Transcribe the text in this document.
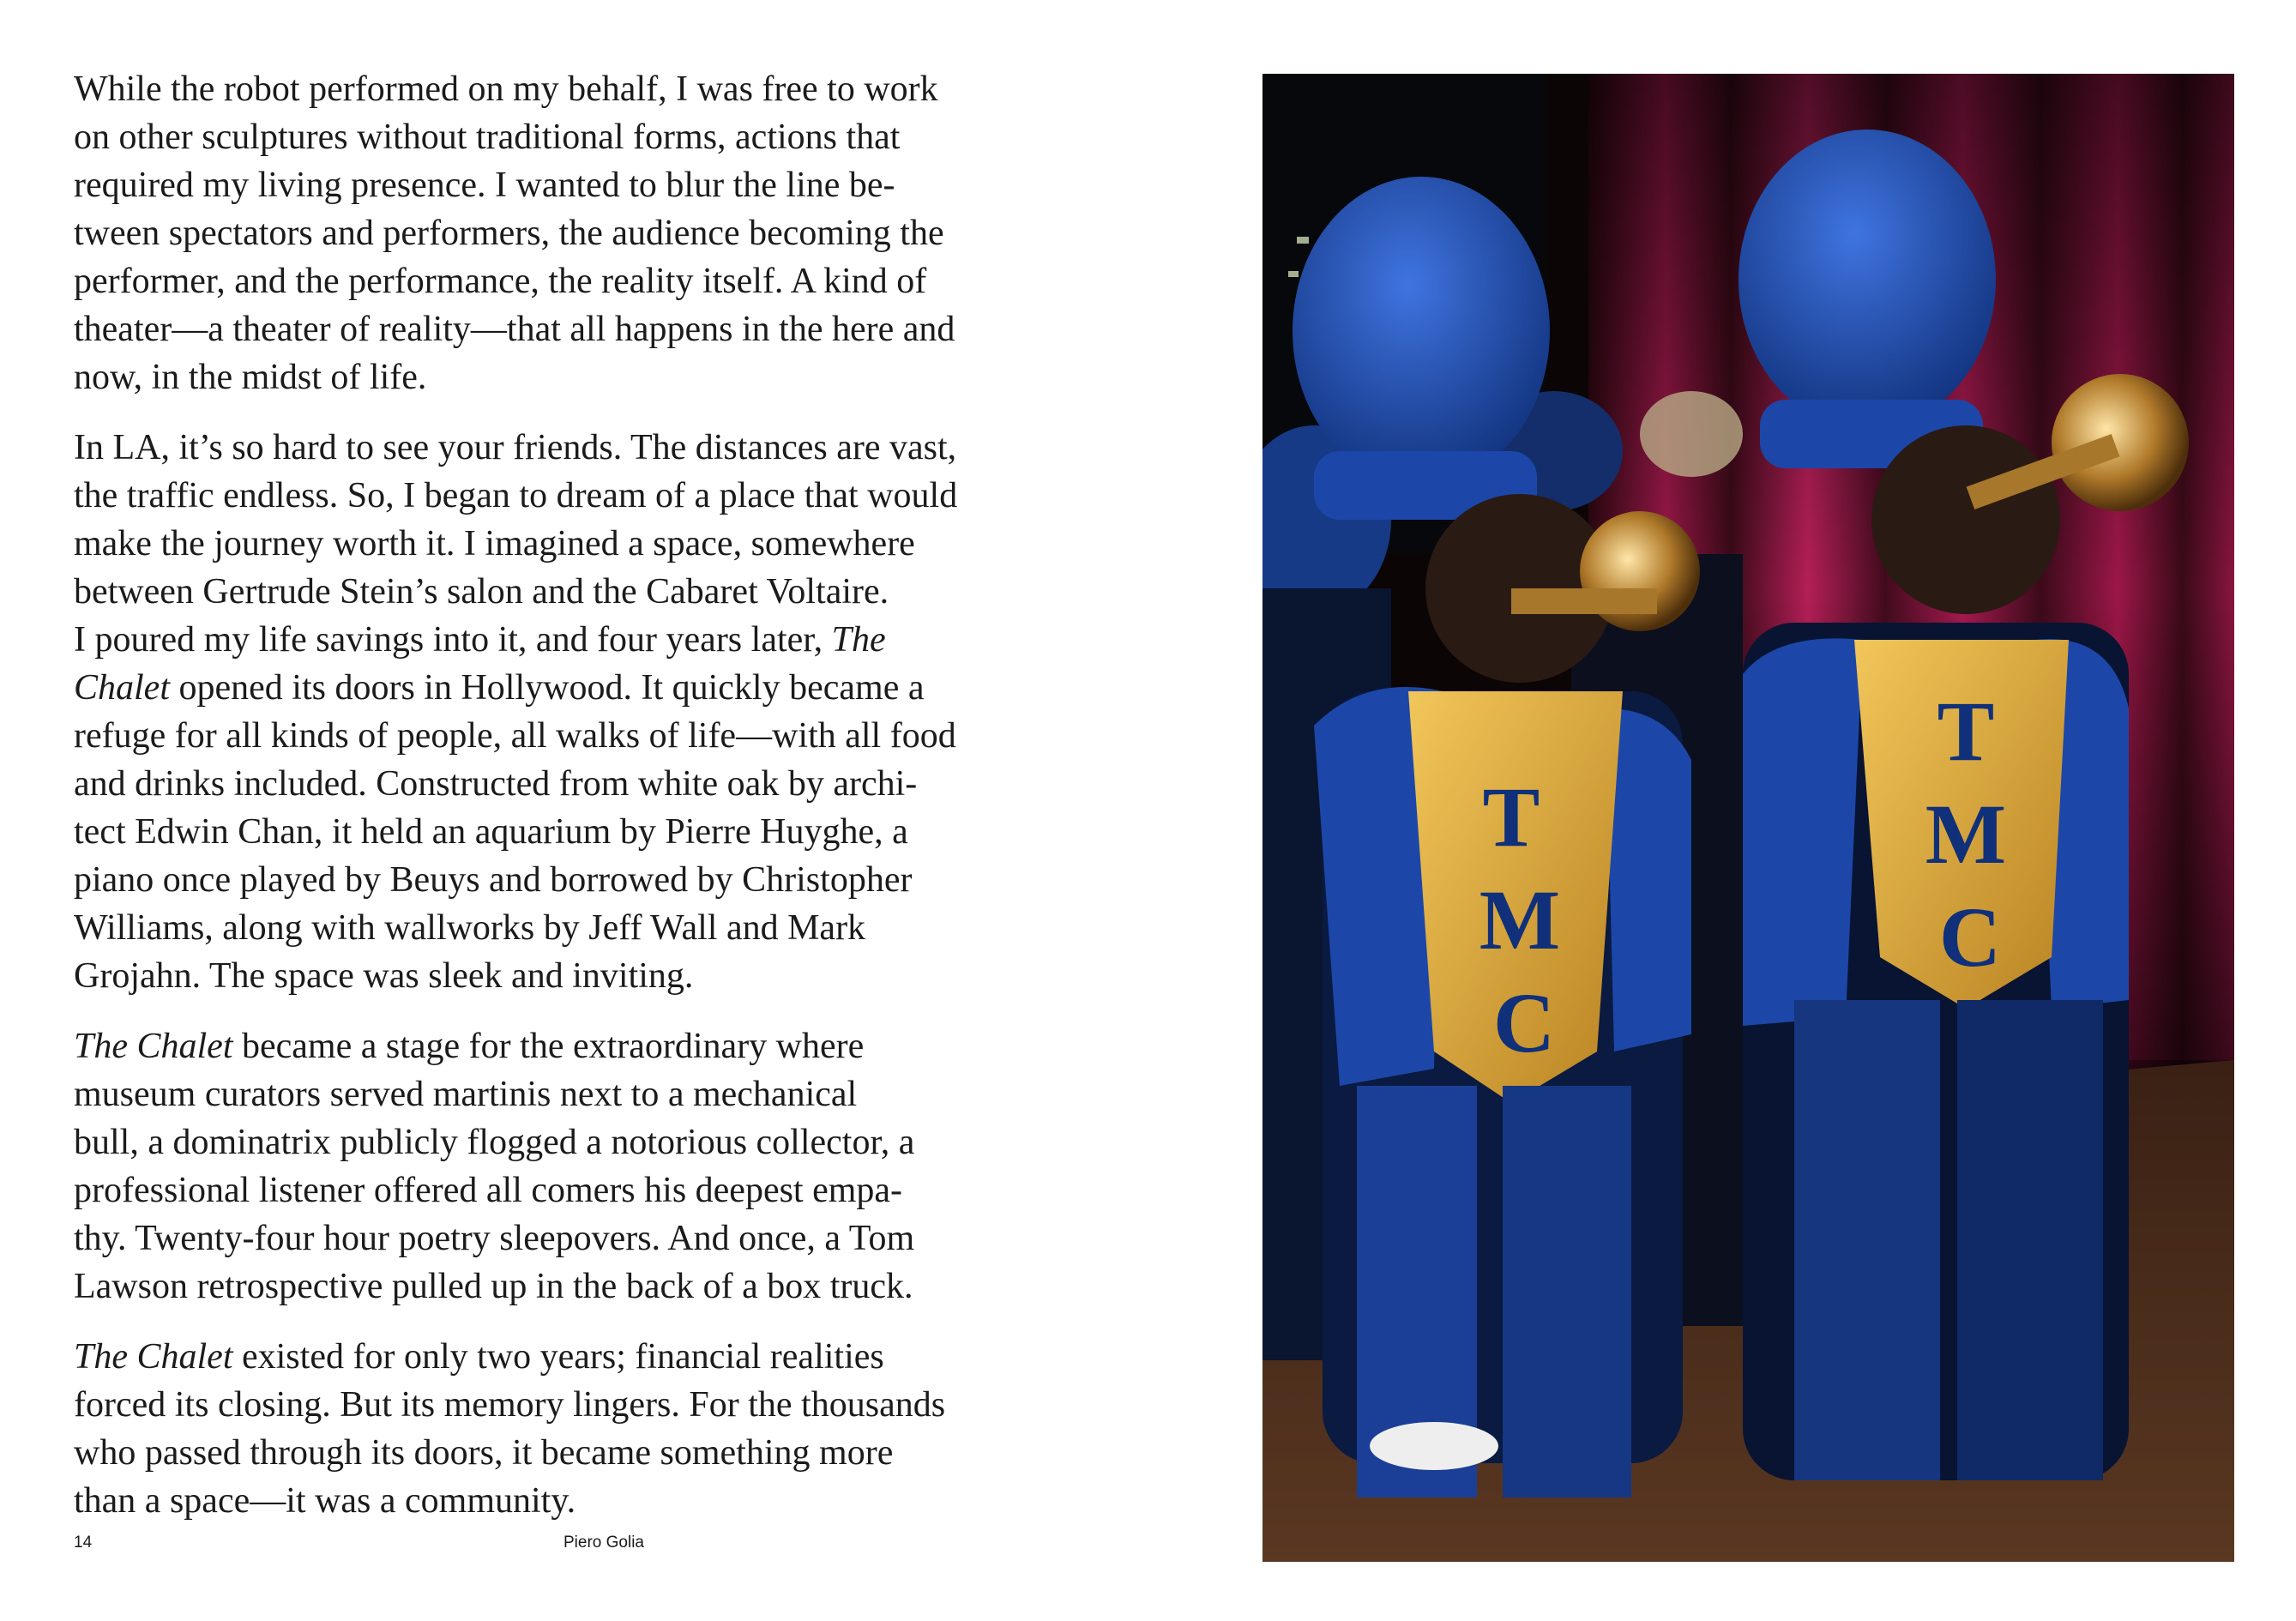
While the robot performed on my behalf, I was free to work
on other sculptures without traditional forms, actions that
required my living presence. I wanted to blur the line be-
tween spectators and performers, the audience becoming the
performer, and the performance, the reality itself. A kind of
theater—a theater of reality—that all happens in the here and
now, in the midst of life.

In LA, it’s so hard to see your friends. The distances are vast,
the traffic endless. So, I began to dream of a place that would
make the journey worth it. I imagined a space, somewhere
between Gertrude Stein’s salon and the Cabaret Voltaire.
I poured my life savings into it, and four years later, The
Chalet opened its doors in Hollywood. It quickly became a
refuge for all kinds of people, all walks of life—with all food
and drinks included. Constructed from white oak by archi-
tect Edwin Chan, it held an aquarium by Pierre Huyghe, a
piano once played by Beuys and borrowed by Christopher
Williams, along with wallworks by Jeff Wall and Mark
Grojahn. The space was sleek and inviting.

The Chalet became a stage for the extraordinary where
museum curators served martinis next to a mechanical
bull, a dominatrix publicly flogged a notorious collector, a
professional listener offered all comers his deepest empa-
thy. Twenty-four hour poetry sleepovers. And once, a Tom
Lawson retrospective pulled up in the back of a box truck.

The Chalet existed for only two years; financial realities
forced its closing. But its memory lingers. For the thousands
who passed through its doors, it became something more
than a space—it was a community.

14	Piero Golia
T
M
C
T
M
C
